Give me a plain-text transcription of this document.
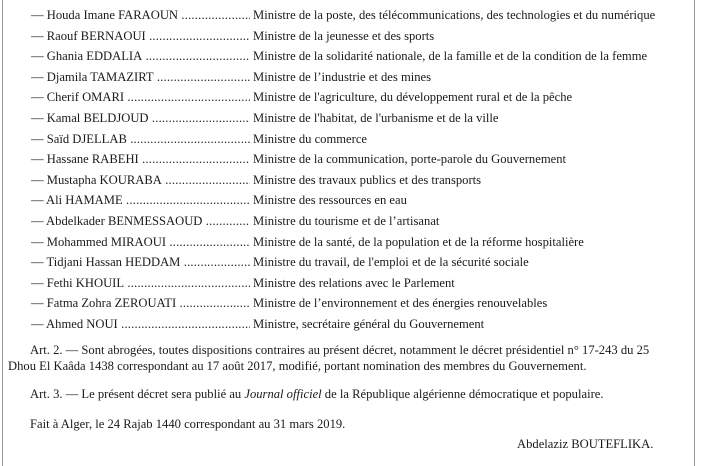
— Houda Imane FARAOUN .....	Ministre de la poste, des télécommunications, des technologies et du numérique
— Raouf BERNAOUI .....	Ministre de la jeunesse et des sports
— Ghania EDDALIA .....	Ministre de la solidarité nationale, de la famille et de la condition de la femme
— Djamila TAMAZIRT .....	Ministre de l’industrie et des mines
— Cherif OMARI .....	Ministre de l'agriculture, du développement rural et de la pêche
— Kamal BELDJOUD .....	Ministre de l'habitat, de l'urbanisme et de la ville
— Saïd DJELLAB .....	Ministre du commerce
— Hassane RABEHI .....	Ministre de la communication, porte-parole du Gouvernement
— Mustapha KOURABA .....	Ministre des travaux publics et des transports
— Ali HAMAME .....	Ministre des ressources en eau
— Abdelkader BENMESSAOUD .....	Ministre du tourisme et de l’artisanat
— Mohammed MIRAOUI .....	Ministre de la santé, de la population et de la réforme hospitalière
— Tidjani Hassan HEDDAM .....	Ministre du travail, de l'emploi et de la sécurité sociale
— Fethi KHOUIL .....	Ministre des relations avec le Parlement
— Fatma Zohra ZEROUATI .....	Ministre de l’environnement et des énergies renouvelables
— Ahmed NOUI .....	Ministre, secrétaire général du Gouvernement
Art. 2. — Sont abrogées, toutes dispositions contraires au présent décret, notamment le décret présidentiel n° 17-243 du 25
Dhou El Kaâda 1438 correspondant au 17 août 2017, modifié, portant nomination des membres du Gouvernement.
Art. 3. — Le présent décret sera publié au Journal officiel de la République algérienne démocratique et populaire.
Fait à Alger, le 24 Rajab 1440 correspondant au 31 mars 2019.
Abdelaziz BOUTEFLIKA.
